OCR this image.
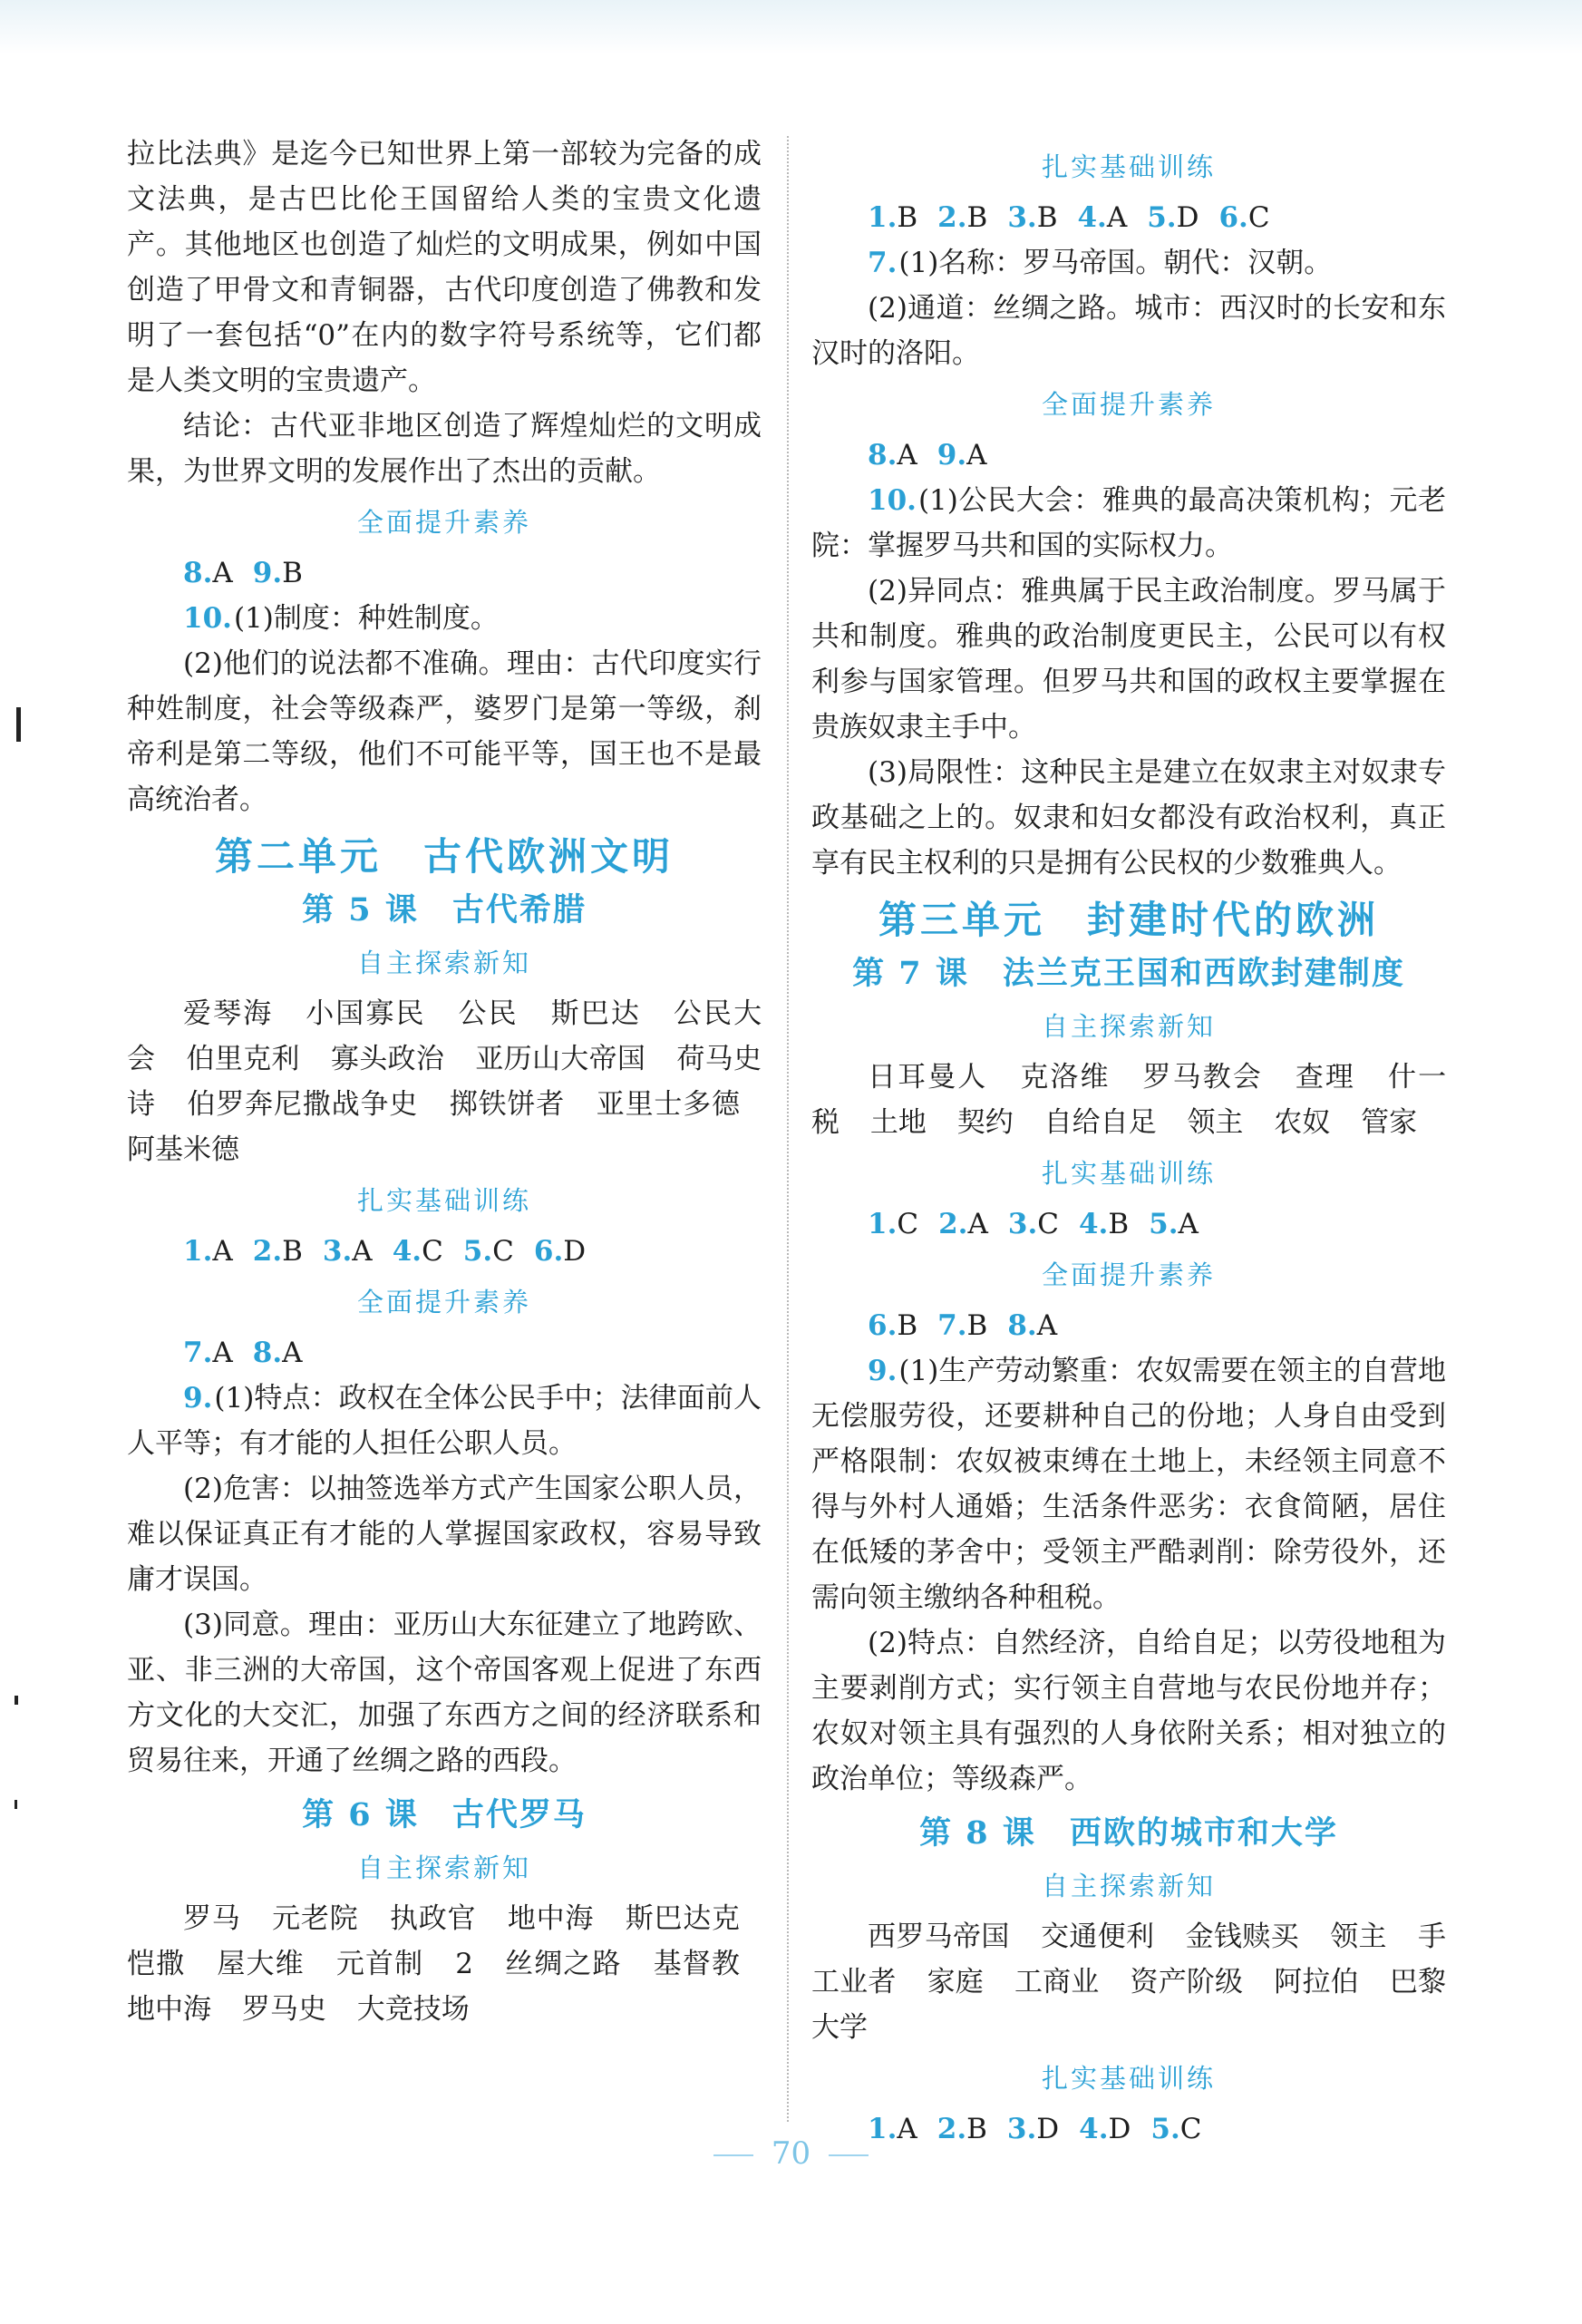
拉比法典》是迄今已知世界上第一部较为完备的成文法典，是古巴比伦王国留给人类的宝贵文化遗产。其他地区也创造了灿烂的文明成果，例如中国创造了甲骨文和青铜器，古代印度创造了佛教和发明了一套包括“0”在内的数字符号系统等，它们都是人类文明的宝贵遗产。

结论：古代亚非地区创造了辉煌灿烂的文明成果，为世界文明的发展作出了杰出的贡献。

全面提升素养
8.A 9.B

10.(1)制度：种姓制度。

(2)他们的说法都不准确。理由：古代印度实行种姓制度，社会等级森严，婆罗门是第一等级，刹帝利是第二等级，他们不可能平等，国王也不是最高统治者。

第二单元　古代欧洲文明
第 5 课　古代希腊
自主探索新知
爱琴海 小国寡民 公民 斯巴达 公民大会 伯里克利 寡头政治 亚历山大帝国 荷马史诗 伯罗奔尼撒战争史 掷铁饼者 亚里士多德 阿基米德
扎实基础训练
1.A 2.B 3.A 4.C 5.C 6.D
全面提升素养
7.A 8.A

9.(1)特点：政权在全体公民手中；法律面前人人平等；有才能的人担任公职人员。

(2)危害：以抽签选举方式产生国家公职人员，难以保证真正有才能的人掌握国家政权，容易导致庸才误国。

(3)同意。理由：亚历山大东征建立了地跨欧、亚、非三洲的大帝国，这个帝国客观上促进了东西方文化的大交汇，加强了东西方之间的经济联系和贸易往来，开通了丝绸之路的西段。

第 6 课　古代罗马
自主探索新知
罗马 元老院 执政官 地中海 斯巴达克 恺撒 屋大维 元首制 2 丝绸之路 基督教 地中海 罗马史 大竞技场
扎实基础训练
1.B 2.B 3.B 4.A 5.D 6.C

7.(1)名称：罗马帝国。朝代：汉朝。

(2)通道：丝绸之路。城市：西汉时的长安和东汉时的洛阳。

全面提升素养
8.A 9.A

10.(1)公民大会：雅典的最高决策机构；元老院：掌握罗马共和国的实际权力。

(2)异同点：雅典属于民主政治制度。罗马属于共和制度。雅典的政治制度更民主，公民可以有权利参与国家管理。但罗马共和国的政权主要掌握在贵族奴隶主手中。

(3)局限性：这种民主是建立在奴隶主对奴隶专政基础之上的。奴隶和妇女都没有政治权利，真正享有民主权利的只是拥有公民权的少数雅典人。

第三单元　封建时代的欧洲
第 7 课　法兰克王国和西欧封建制度
自主探索新知
日耳曼人 克洛维 罗马教会 查理 什一税 土地 契约 自给自足 领主 农奴 管家
扎实基础训练
1.C 2.A 3.C 4.B 5.A
全面提升素养
6.B 7.B 8.A

9.(1)生产劳动繁重：农奴需要在领主的自营地无偿服劳役，还要耕种自己的份地；人身自由受到严格限制：农奴被束缚在土地上，未经领主同意不得与外村人通婚；生活条件恶劣：衣食简陋，居住在低矮的茅舍中；受领主严酷剥削：除劳役外，还需向领主缴纳各种租税。

(2)特点：自然经济，自给自足；以劳役地租为主要剥削方式；实行领主自营地与农民份地并存；农奴对领主具有强烈的人身依附关系；相对独立的政治单位；等级森严。

第 8 课　西欧的城市和大学
自主探索新知
西罗马帝国 交通便利 金钱赎买 领主 手工业者 家庭 工商业 资产阶级 阿拉伯 巴黎大学
扎实基础训练
1.A 2.B 3.D 4.D 5.C
70
